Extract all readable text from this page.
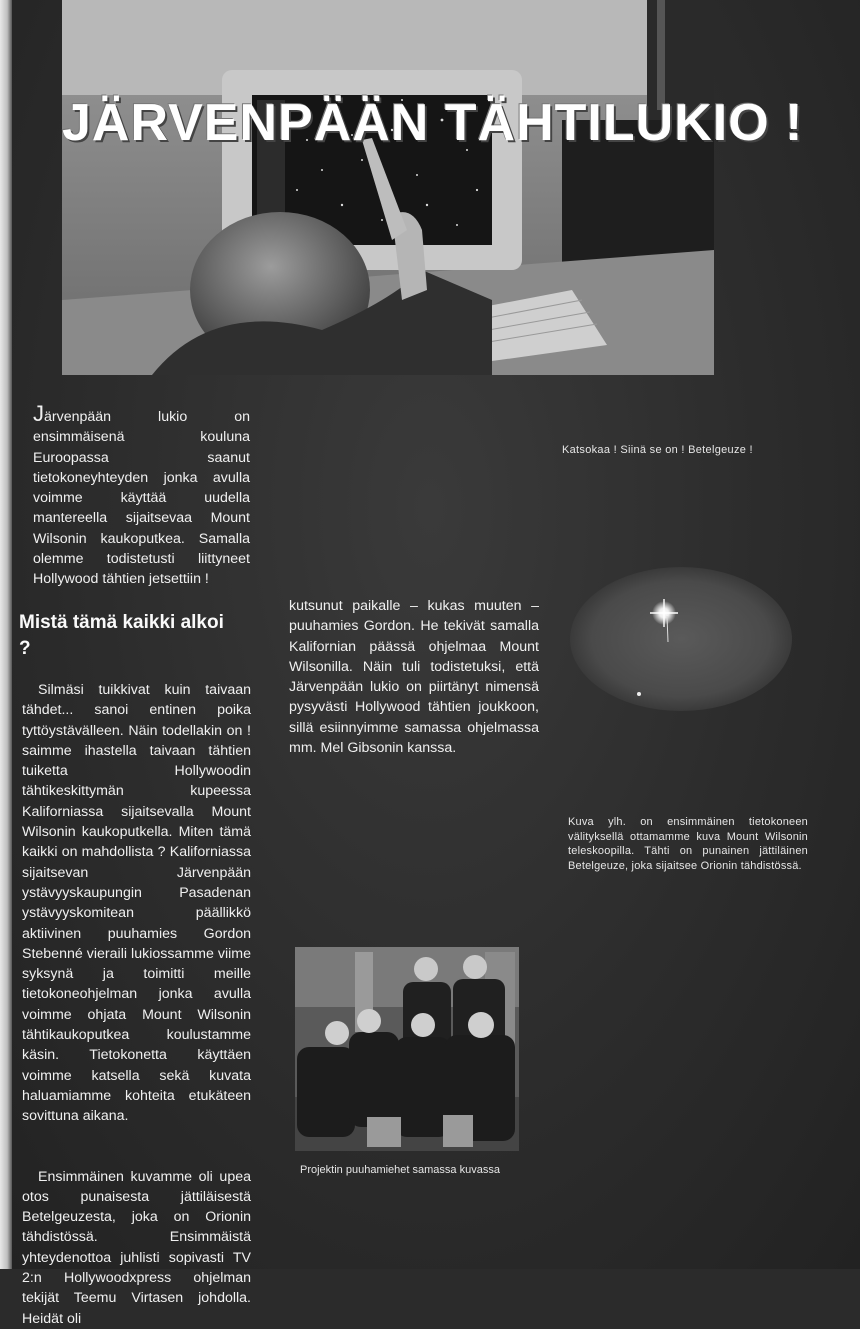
JÄRVENPÄÄN TÄHTILUKIO !

Järvenpään lukio on ensimmäisenä kouluna Euroopassa saanut tietokoneyhteyden jonka avulla voimme käyttää uudella mantereella sijaitsevaa Mount Wilsonin kaukoputkea. Samalla olemme todistetusti liittyneet Hollywood tähtien jetsettiin !

Katsokaa ! Siinä se on ! Betelgeuze !
Mistä tämä kaikki alkoi ?

Silmäsi tuikkivat kuin taivaan tähdet... sanoi entinen poika tyttöystävälleen. Näin todellakin on ! saimme ihastella taivaan tähtien tuiketta Hollywoodin tähtikeskittymän kupeessa Kaliforniassa sijaitsevalla Mount Wilsonin kaukoputkella. Miten tämä kaikki on mahdollista ? Kaliforniassa sijaitsevan Järvenpään ystävyyskaupungin Pasadenan ystävyyskomitean päällikkö aktiivinen puuhamies Gordon Stebenné vieraili lukiossamme viime syksynä ja toimitti meille tietokoneohjelman jonka avulla voimme ohjata Mount Wilsonin tähtikaukoputkea koulustamme käsin. Tietokonetta käyttäen voimme katsella sekä kuvata haluamiamme kohteita etukäteen sovittuna aikana.

Ensimmäinen kuvamme oli upea otos punaisesta jättiläisestä Betelgeuzesta, joka on Orionin tähdistössä. Ensimmäistä yhteydenottoa juhlisti sopivasti TV 2:n Hollywoodxpress ohjelman tekijät Teemu Virtasen johdolla. Heidät oli

kutsunut paikalle – kukas muuten – puuhamies Gordon. He tekivät samalla Kalifornian päässä ohjelmaa Mount Wilsonilla. Näin tuli todistetuksi, että Järvenpään lukio on piirtänyt nimensä pysyvästi Hollywood tähtien joukkoon, sillä esiinnyimme samassa ohjelmassa mm. Mel Gibsonin kanssa.

Kuva ylh. on ensimmäinen tietokoneen välityksellä ottamamme kuva Mount Wilsonin teleskoopilla. Tähti on punainen jättiläinen Betelgeuze, joka sijaitsee Orionin tähdistössä.
Projektin puuhamiehet samassa kuvassa
